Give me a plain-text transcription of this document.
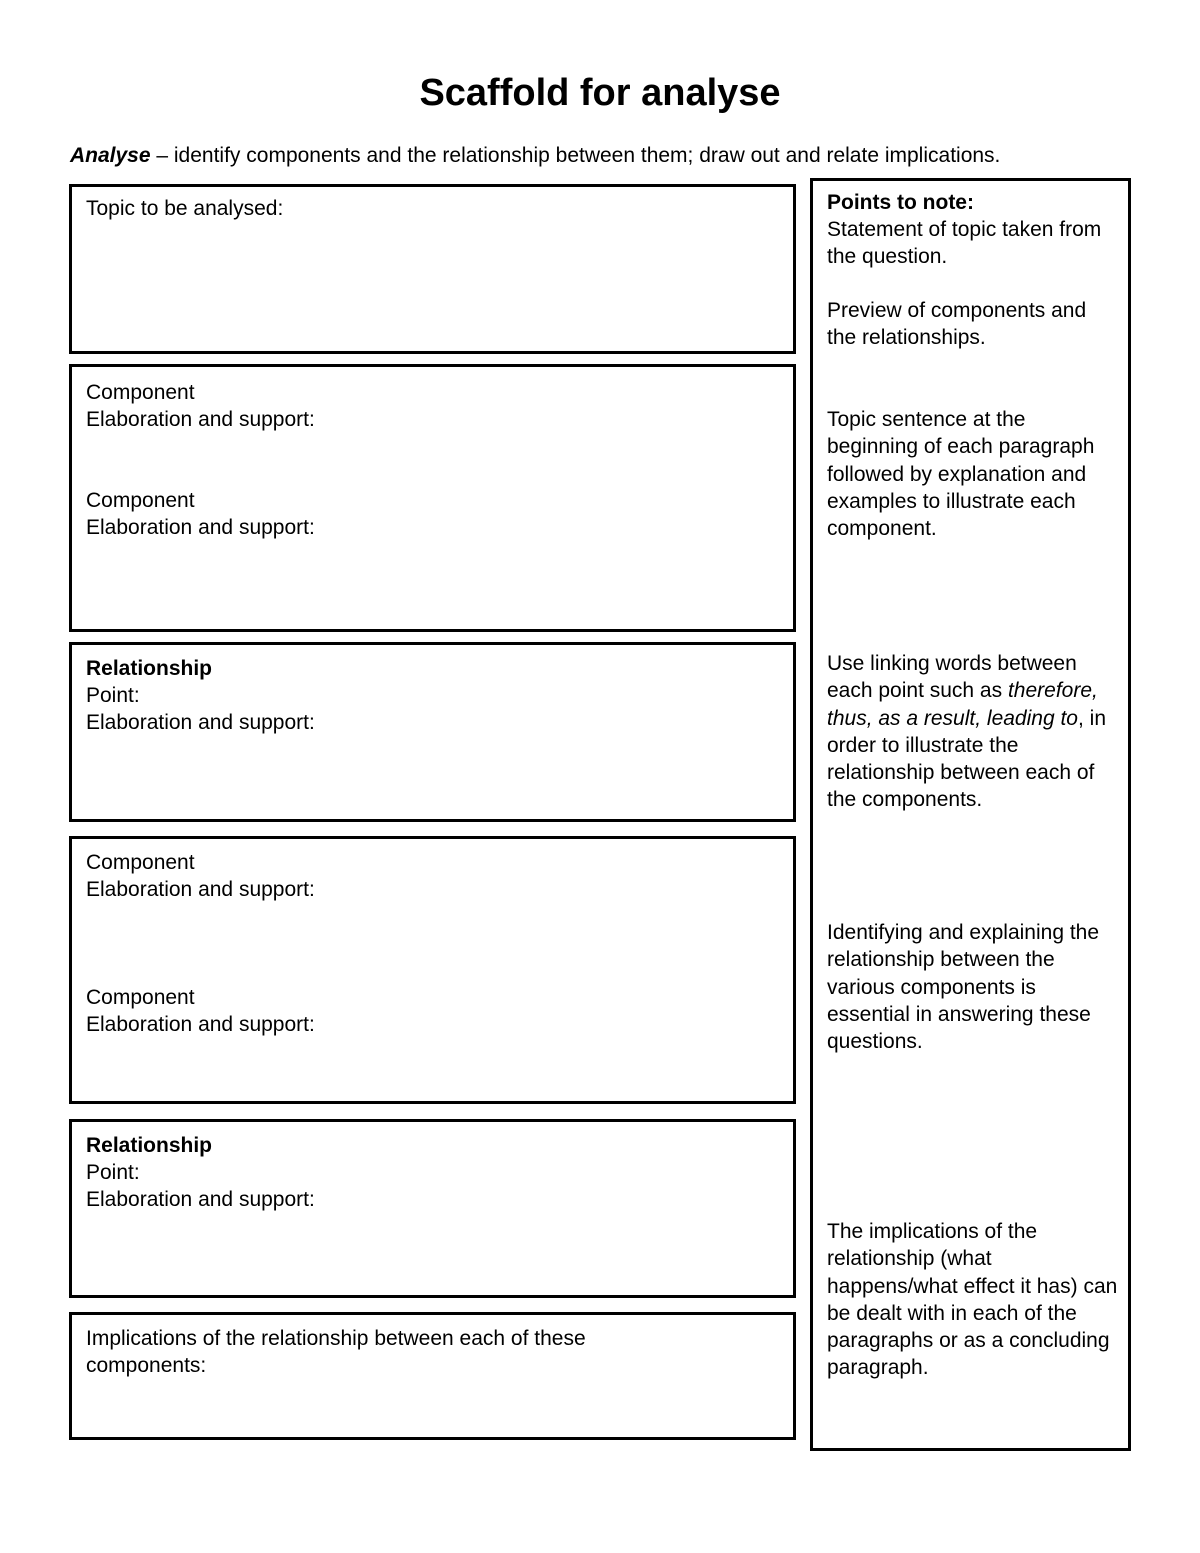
Scaffold for analyse
Analyse – identify components and the relationship between them; draw out and relate implications.
Topic to be analysed:
Component
Elaboration and support:
Component
Elaboration and support:
Relationship
Point:
Elaboration and support:
Component
Elaboration and support:
Component
Elaboration and support:
Relationship
Point:
Elaboration and support:
Implications of the relationship between each of these components:
Points to note:

Statement of topic taken from the question.

Preview of components and the relationships.

Topic sentence at the beginning of each paragraph followed by explanation and examples to illustrate each component.

Use linking words between each point such as therefore, thus, as a result, leading to, in order to illustrate the relationship between each of the components.

Identifying and explaining the relationship between the various components is essential in answering these questions.

The implications of the relationship (what happens/what effect it has) can be dealt with in each of the paragraphs or as a concluding paragraph.
